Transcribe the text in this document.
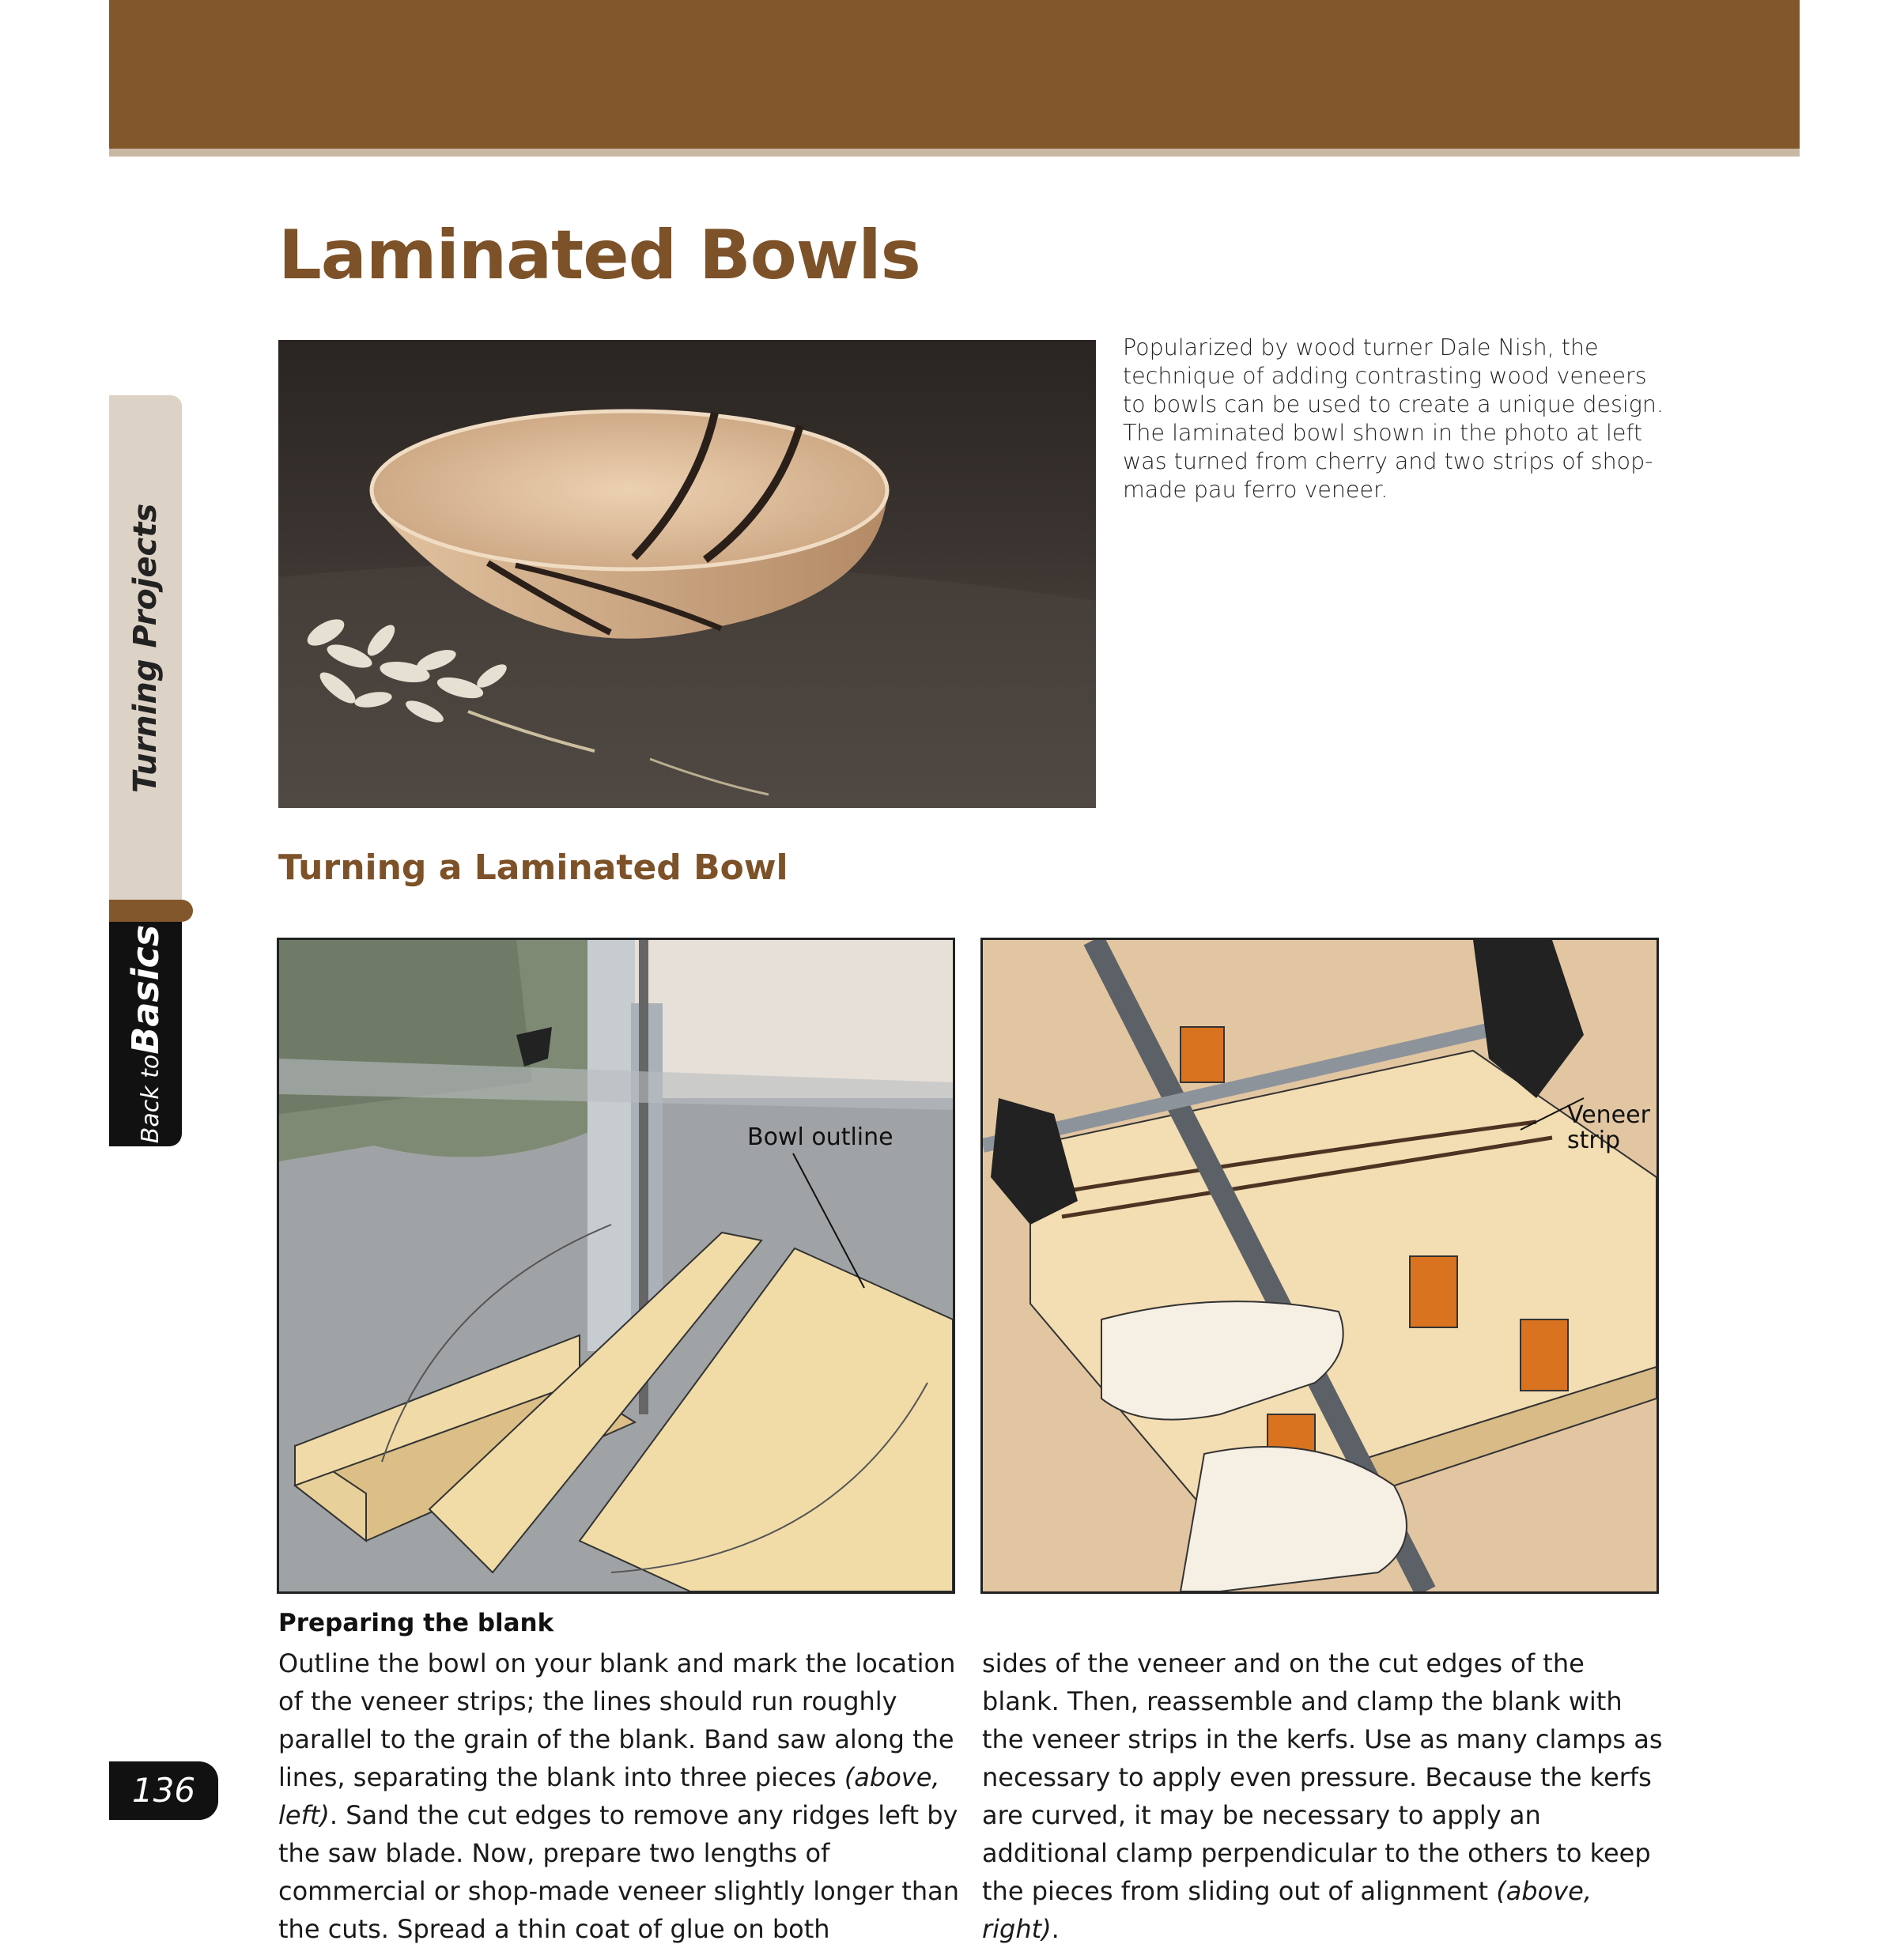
Turning Projects
Back toBasics
Laminated Bowls

Popularized by wood turner Dale Nish, the technique of adding contrasting wood veneers to bowls can be used to create a unique design. The laminated bowl shown in the photo at left was turned from cherry and two strips of shop-made pau ferro veneer.

Turning a Laminated Bowl
Bowl outline
Veneer
strip
Preparing the blank

Outline the bowl on your blank and mark the location of the veneer strips; the lines should run roughly parallel to the grain of the blank. Band saw along the lines, separating the blank into three pieces (above, left). Sand the cut edges to remove any ridges left by the saw blade. Now, prepare two lengths of commercial or shop-made veneer slightly longer than the cuts. Spread a thin coat of glue on both

sides of the veneer and on the cut edges of the blank. Then, reassemble and clamp the blank with the veneer strips in the kerfs. Use as many clamps as necessary to apply even pressure. Because the kerfs are curved, it may be necessary to apply an additional clamp perpendicular to the others to keep the pieces from sliding out of alignment (above, right).

136
